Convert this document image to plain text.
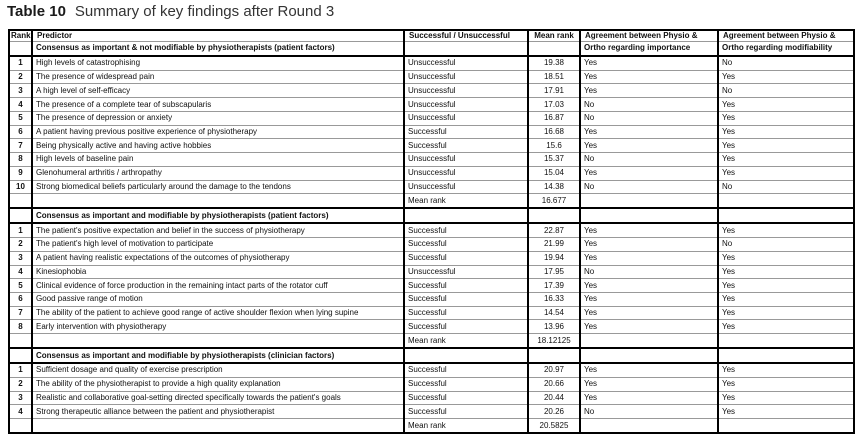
Table 10 Summary of key findings after Round 3
Rank	Predictor	Successful / Unsuccessful	Mean rank	Agreement between Physio &	Agreement between Physio &
	Consensus as important & not modifiable by physiotherapists (patient factors)			Ortho regarding importance	Ortho regarding modifiability
1	High levels of catastrophising	Unsuccessful	19.38	Yes	No
2	The presence of widespread pain	Unsuccessful	18.51	Yes	Yes
3	A high level of self-efficacy	Unsuccessful	17.91	Yes	No
4	The presence of a complete tear of subscapularis	Unsuccessful	17.03	No	Yes
5	The presence of depression or anxiety	Unsuccessful	16.87	No	Yes
6	A patient having previous positive experience of physiotherapy	Successful	16.68	Yes	Yes
7	Being physically active and having active hobbies	Successful	15.6	Yes	Yes
8	High levels of baseline pain	Unsuccessful	15.37	No	Yes
9	Glenohumeral arthritis / arthropathy	Unsuccessful	15.04	Yes	Yes
10	Strong biomedical beliefs particularly around the damage to the tendons	Unsuccessful	14.38	No	No
		Mean rank	16.677		
	Consensus as important and modifiable by physiotherapists (patient factors)				
1	The patient's positive expectation and belief in the success of physiotherapy	Successful	22.87	Yes	Yes
2	The patient's high level of motivation to participate	Successful	21.99	Yes	No
3	A patient having realistic expectations of the outcomes of physiotherapy	Successful	19.94	Yes	Yes
4	Kinesiophobia	Unsuccessful	17.95	No	Yes
5	Clinical evidence of force production in the remaining intact parts of the rotator cuff	Successful	17.39	Yes	Yes
6	Good passive range of motion	Successful	16.33	Yes	Yes
7	The ability of the patient to achieve good range of active shoulder flexion when lying supine	Successful	14.54	Yes	Yes
8	Early intervention with physiotherapy	Successful	13.96	Yes	Yes
		Mean rank	18.12125		
	Consensus as important and modifiable by physiotherapists (clinician factors)				
1	Sufficient dosage and quality of exercise prescription	Successful	20.97	Yes	Yes
2	The ability of the physiotherapist to provide a high quality explanation	Successful	20.66	Yes	Yes
3	Realistic and collaborative goal-setting directed specifically towards the patient's goals	Successful	20.44	Yes	Yes
4	Strong therapeutic alliance between the patient and physiotherapist	Successful	20.26	No	Yes
		Mean rank	20.5825		
